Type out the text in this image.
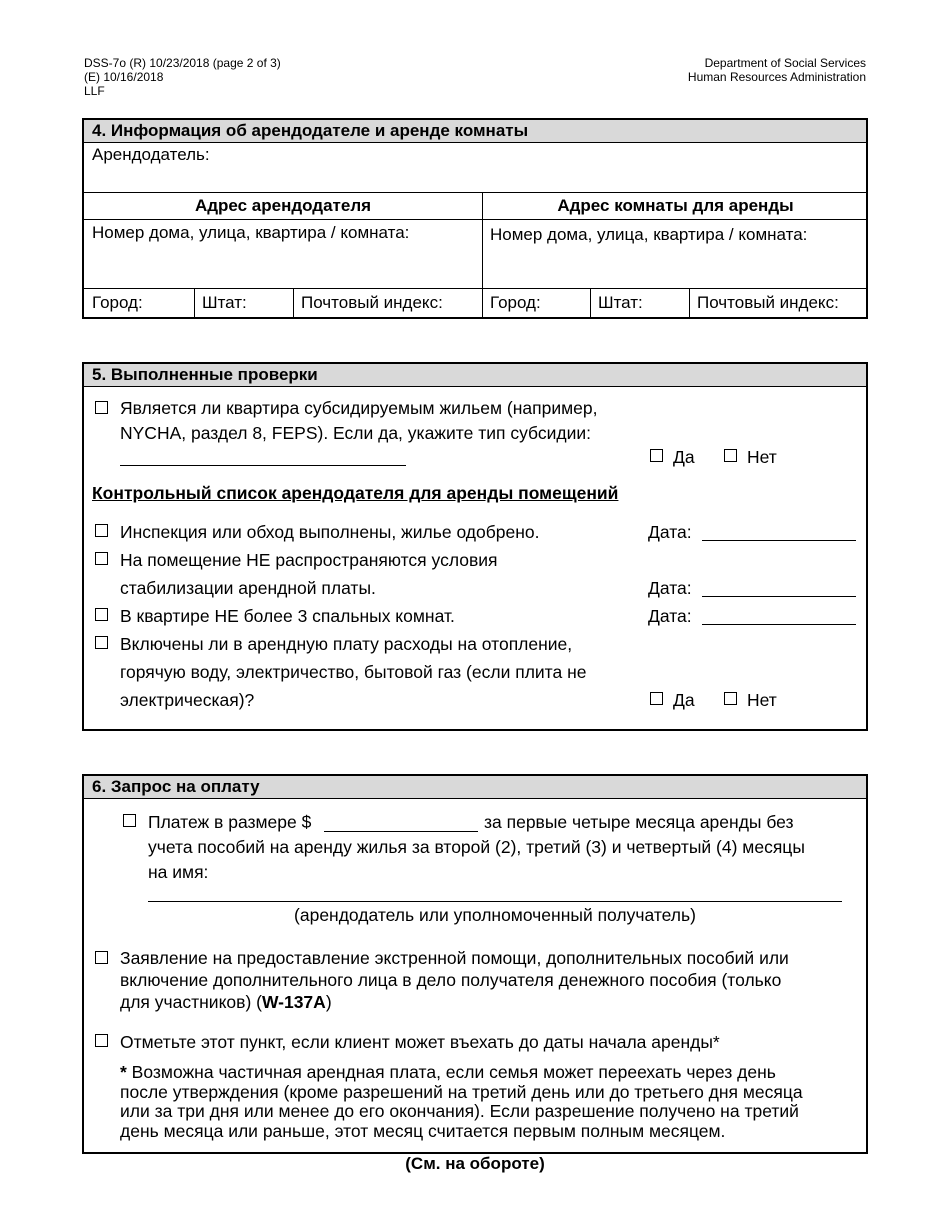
DSS-7o (R) 10/23/2018 (page 2 of 3)
(E) 10/16/2018
LLF
Department of Social Services
Human Resources Administration
4. Информация об арендодателе и аренде комнаты
Арендодатель:
Адрес арендодателя	Адрес комнаты для аренды
Номер дома, улица, квартира / комната:	Номер дома, улица, квартира / комната:
Город:	Штат:	Почтовый индекс:	Город:	Штат:	Почтовый индекс:
5. Выполненные проверки
Является ли квартира субсидируемым жильем (например,
NYCHA, раздел 8, FEPS). Если да, укажите тип субсидии:
Да	Нет
Контрольный список арендодателя для аренды помещений
Инспекция или обход выполнены, жилье одобрено.	Дата:
На помещение НЕ распространяются условия
стабилизации арендной платы.	Дата:
В квартире НЕ более 3 спальных комнат.	Дата:
Включены ли в арендную плату расходы на отопление,
горячую воду, электричество, бытовой газ (если плита не
электрическая)?	Да	Нет
6. Запрос на оплату
Платеж в размере $	за первые четыре месяца аренды без
учета пособий на аренду жилья за второй (2), третий (3) и четвертый (4) месяцы
на имя:
(арендодатель или уполномоченный получатель)
Заявление на предоставление экстренной помощи, дополнительных пособий или
включение дополнительного лица в дело получателя денежного пособия (только
для участников) (W-137A)
Отметьте этот пункт, если клиент может въехать до даты начала аренды*
* Возможна частичная арендная плата, если семья может переехать через день
после утверждения (кроме разрешений на третий день или до третьего дня месяца
или за три дня или менее до его окончания). Если разрешение получено на третий
день месяца или раньше, этот месяц считается первым полным месяцем.
(См. на обороте)
